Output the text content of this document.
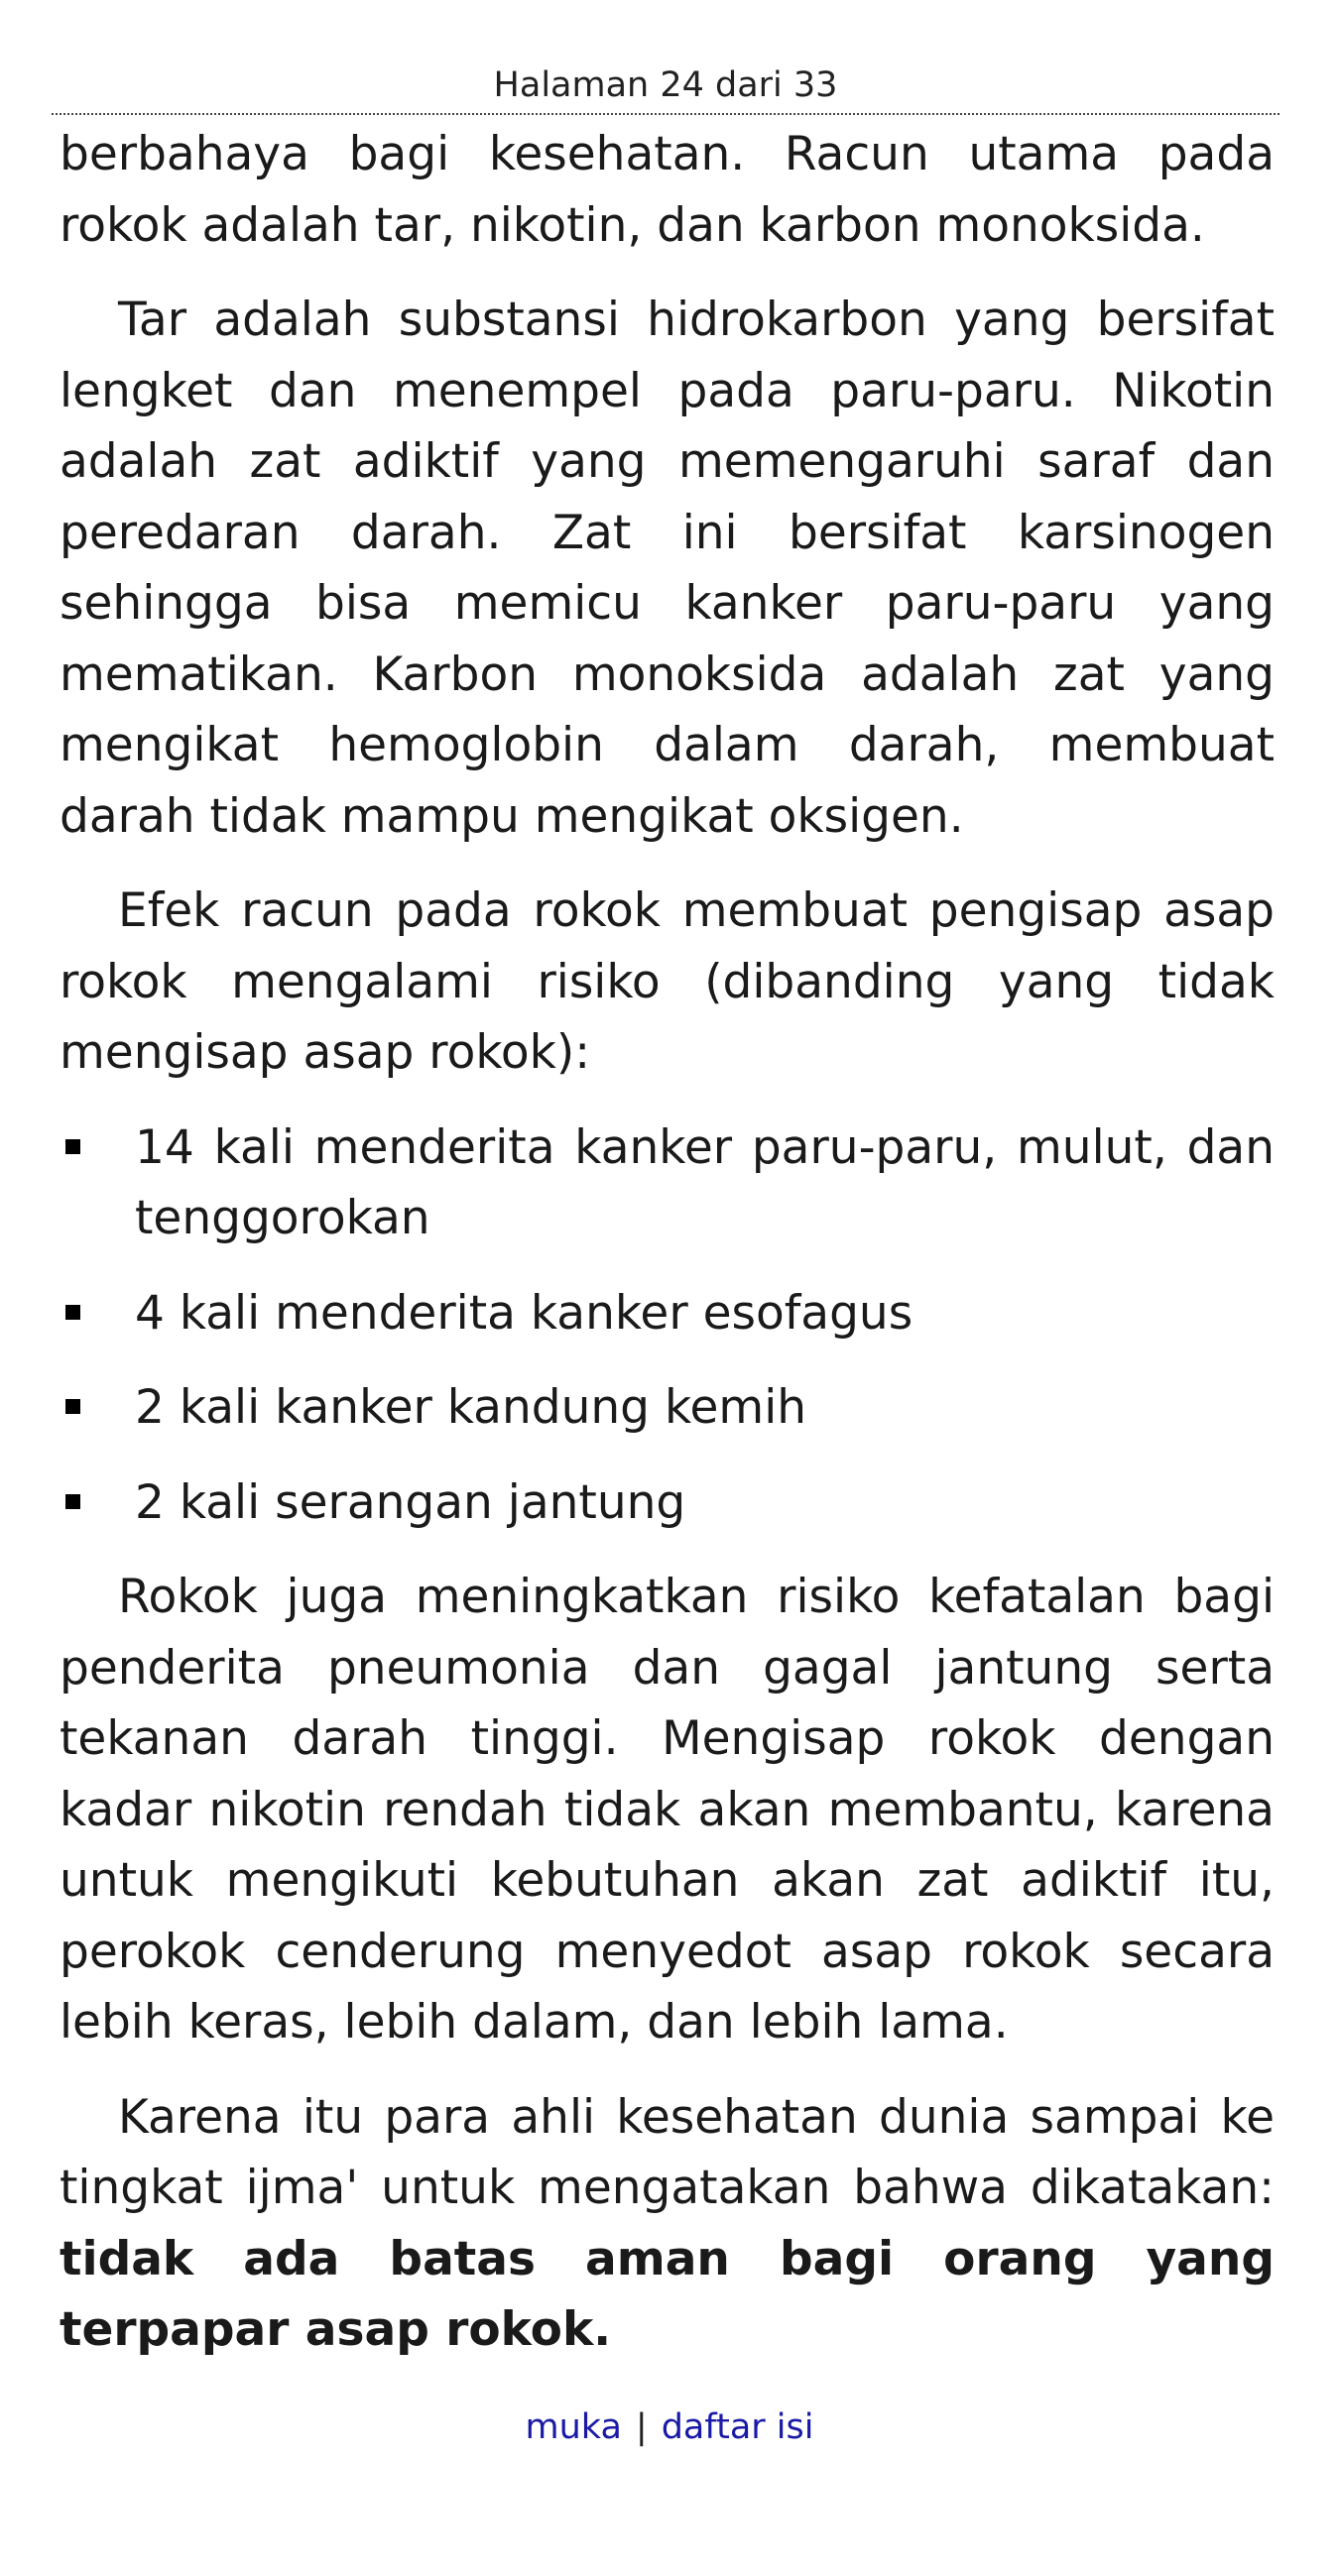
Halaman 24 dari 33

berbahaya bagi kesehatan. Racun utama pada rokok adalah tar, nikotin, dan karbon monoksida.

Tar adalah substansi hidrokarbon yang bersifat lengket dan menempel pada paru-paru. Nikotin adalah zat adiktif yang memengaruhi saraf dan peredaran darah. Zat ini bersifat karsinogen sehingga bisa memicu kanker paru-paru yang mematikan. Karbon monoksida adalah zat yang mengikat hemoglobin dalam darah, membuat darah tidak mampu mengikat oksigen.

Efek racun pada rokok membuat pengisap asap rokok mengalami risiko (dibanding yang tidak mengisap asap rokok):

14 kali menderita kanker paru-paru, mulut, dan tenggorokan
4 kali menderita kanker esofagus
2 kali kanker kandung kemih
2 kali serangan jantung

Rokok juga meningkatkan risiko kefatalan bagi penderita pneumonia dan gagal jantung serta tekanan darah tinggi. Mengisap rokok dengan kadar nikotin rendah tidak akan membantu, karena untuk mengikuti kebutuhan akan zat adiktif itu, perokok cenderung menyedot asap rokok secara lebih keras, lebih dalam, dan lebih lama.

Karena itu para ahli kesehatan dunia sampai ke tingkat ijma' untuk mengatakan bahwa dikatakan: tidak ada batas aman bagi orang yang terpapar asap rokok.

muka | daftar isi
